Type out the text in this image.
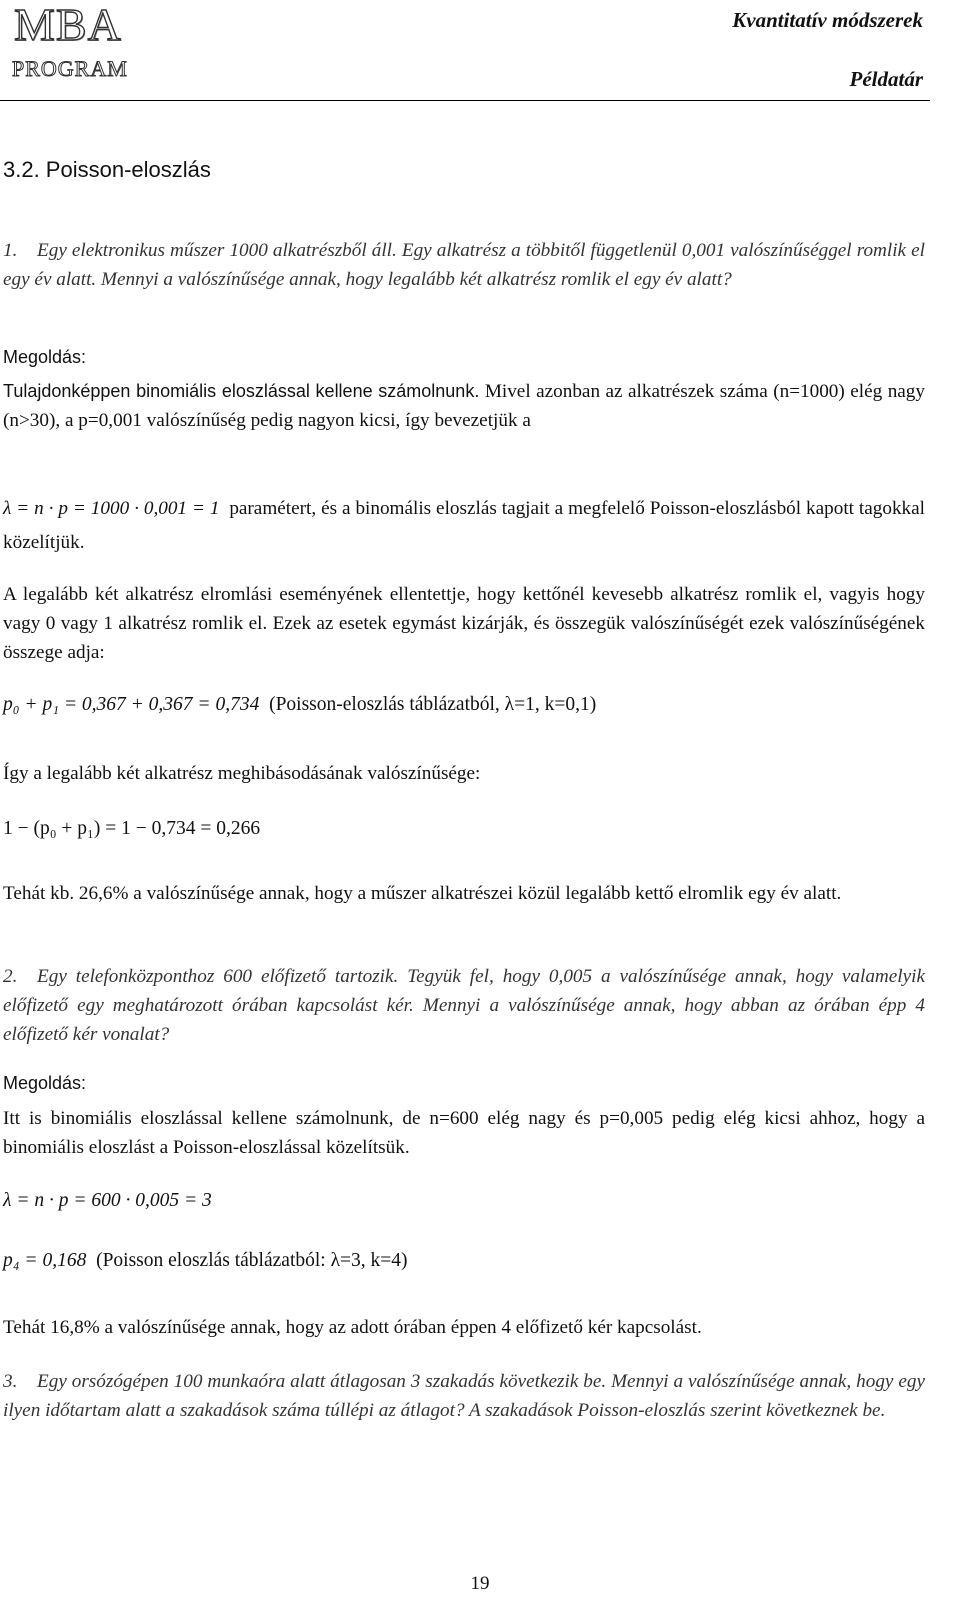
MBA
PROGRAM
Kvantitatív módszerek
Példatár
3.2. Poisson-eloszlás
1. Egy elektronikus műszer 1000 alkatrészből áll. Egy alkatrész a többitől függetlenül 0,001 valószínűséggel romlik el egy év alatt. Mennyi a valószínűsége annak, hogy legalább két alkatrész romlik el egy év alatt?
Megoldás:
Tulajdonképpen binomiális eloszlással kellene számolnunk. Mivel azonban az alkatrészek száma (n=1000) elég nagy (n>30), a p=0,001 valószínűség pedig nagyon kicsi, így bevezetjük a
λ = n · p = 1000 · 0,001 = 1 paramétert, és a binomális eloszlás tagjait a megfelelő Poisson-eloszlásból kapott tagokkal közelítjük.
A legalább két alkatrész elromlási eseményének ellentettje, hogy kettőnél kevesebb alkatrész romlik el, vagyis hogy vagy 0 vagy 1 alkatrész romlik el. Ezek az esetek egymást kizárják, és összegük valószínűségét ezek valószínűségének összege adja:
p₀ + p₁ = 0,367 + 0,367 = 0,734 (Poisson-eloszlás táblázatból, λ=1, k=0,1)
Így a legalább két alkatrész meghibásodásának valószínűsége:
1 − (p₀ + p₁) = 1 − 0,734 = 0,266
Tehát kb. 26,6% a valószínűsége annak, hogy a műszer alkatrészei közül legalább kettő elromlik egy év alatt.
2. Egy telefonközponthoz 600 előfizető tartozik. Tegyük fel, hogy 0,005 a valószínűsége annak, hogy valamelyik előfizető egy meghatározott órában kapcsolást kér. Mennyi a valószínűsége annak, hogy abban az órában épp 4 előfizető kér vonalat?
Megoldás:
Itt is binomiális eloszlással kellene számolnunk, de n=600 elég nagy és p=0,005 pedig elég kicsi ahhoz, hogy a binomiális eloszlást a Poisson-eloszlással közelítsük.
λ = n · p = 600 · 0,005 = 3
p₄ = 0,168 (Poisson eloszlás táblázatból: λ=3, k=4)
Tehát 16,8% a valószínűsége annak, hogy az adott órában éppen 4 előfizető kér kapcsolást.
3. Egy orsózógépen 100 munkaóra alatt átlagosan 3 szakadás következik be. Mennyi a valószínűsége annak, hogy egy ilyen időtartam alatt a szakadások száma túllépi az átlagot? A szakadások Poisson-eloszlás szerint következnek be.
19
